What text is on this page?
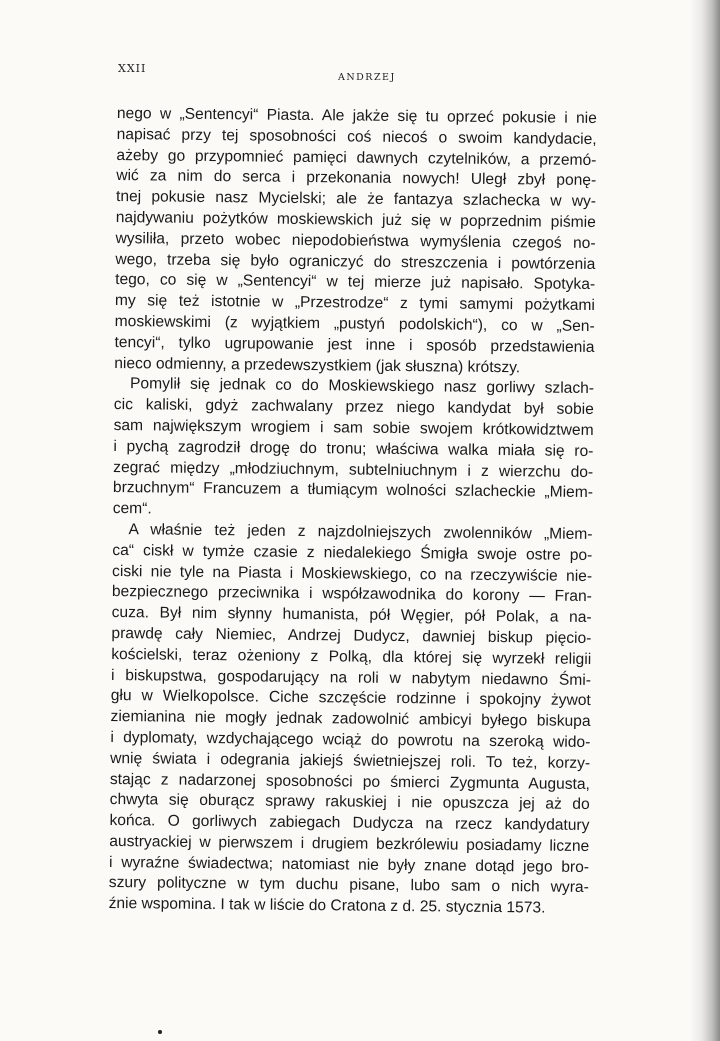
XXII
ANDRZEJ
nego w „Sentencyi“ Piasta. Ale jakże się tu oprzeć pokusie i nie
napisać przy tej sposobności coś niecoś o swoim kandydacie,
ażeby go przypomnieć pamięci dawnych czytelników, a przemó-
wić za nim do serca i przekonania nowych! Uległ zbył ponę-
tnej pokusie nasz Mycielski; ale że fantazya szlachecka w wy-
najdywaniu pożytków moskiewskich już się w poprzednim piśmie
wysiliła, przeto wobec niepodobieństwa wymyślenia czegoś no-
wego, trzeba się było ograniczyć do streszczenia i powtórzenia
tego, co się w „Sentencyi“ w tej mierze już napisało. Spotyka-
my się też istotnie w „Przestrodze“ z tymi samymi pożytkami
moskiewskimi (z wyjątkiem „pustyń podolskich“), co w „Sen-
tencyi“, tylko ugrupowanie jest inne i sposób przedstawienia
nieco odmienny, a przedewszystkiem (jak słuszna) krótszy.
Pomylił się jednak co do Moskiewskiego nasz gorliwy szlach-
cic kaliski, gdyż zachwalany przez niego kandydat był sobie
sam największym wrogiem i sam sobie swojem krótkowidztwem
i pychą zagrodził drogę do tronu; właściwa walka miała się ro-
zegrać między „młodziuchnym, subtelniuchnym i z wierzchu do-
brzuchnym“ Francuzem a tłumiącym wolności szlacheckie „Miem-
cem“.
A właśnie też jeden z najzdolniejszych zwolenników „Miem-
ca“ ciskł w tymże czasie z niedalekiego Śmigła swoje ostre po-
ciski nie tyle na Piasta i Moskiewskiego, co na rzeczywiście nie-
bezpiecznego przeciwnika i współzawodnika do korony — Fran-
cuza. Był nim słynny humanista, pół Węgier, pół Polak, a na-
prawdę cały Niemiec, Andrzej Dudycz, dawniej biskup pięcio-
kościelski, teraz ożeniony z Polką, dla której się wyrzekł religii
i biskupstwa, gospodarujący na roli w nabytym niedawno Śmi-
głu w Wielkopolsce. Ciche szczęście rodzinne i spokojny żywot
ziemianina nie mogły jednak zadowolnić ambicyi byłego biskupa
i dyplomaty, wzdychającego wciąż do powrotu na szeroką wido-
wnię świata i odegrania jakiejś świetniejszej roli. To też, korzy-
stając z nadarzonej sposobności po śmierci Zygmunta Augusta,
chwyta się oburącz sprawy rakuskiej i nie opuszcza jej aż do
końca. O gorliwych zabiegach Dudycza na rzecz kandydatury
austryackiej w pierwszem i drugiem bezkrólewiu posiadamy liczne
i wyraźne świadectwa; natomiast nie były znane dotąd jego bro-
szury polityczne w tym duchu pisane, lubo sam o nich wyra-
źnie wspomina. I tak w liście do Cratona z d. 25. stycznia 1573.
